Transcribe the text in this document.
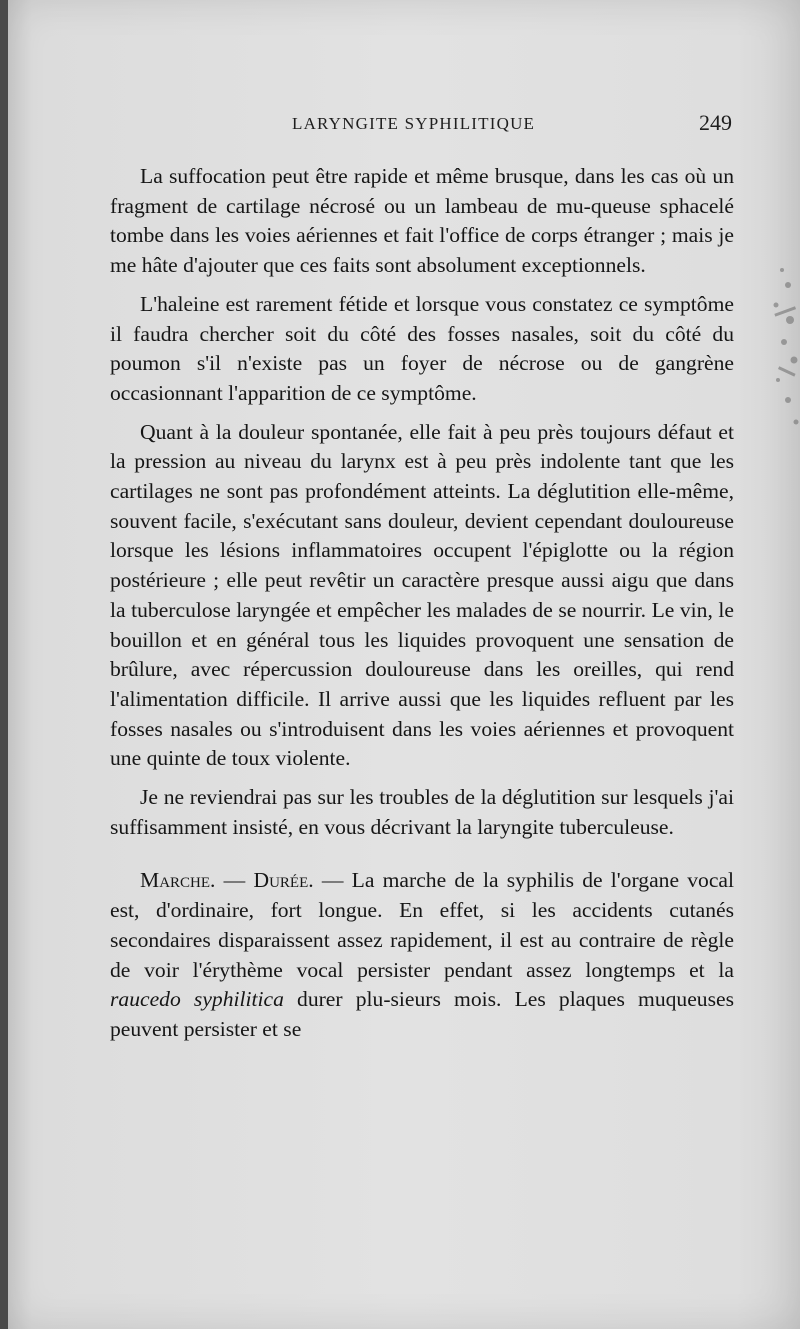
LARYNGITE SYPHILITIQUE	249

La suffocation peut être rapide et même brusque, dans les cas où un fragment de cartilage nécrosé ou un lambeau de mu-queuse sphacelé tombe dans les voies aériennes et fait l'office de corps étranger ; mais je me hâte d'ajouter que ces faits sont absolument exceptionnels.

L'haleine est rarement fétide et lorsque vous constatez ce symptôme il faudra chercher soit du côté des fosses nasales, soit du côté du poumon s'il n'existe pas un foyer de nécrose ou de gangrène occasionnant l'apparition de ce symptôme.

Quant à la douleur spontanée, elle fait à peu près toujours défaut et la pression au niveau du larynx est à peu près indolente tant que les cartilages ne sont pas profondément atteints. La déglutition elle-même, souvent facile, s'exécutant sans douleur, devient cependant douloureuse lorsque les lésions inflammatoires occupent l'épiglotte ou la région postérieure ; elle peut revêtir un caractère presque aussi aigu que dans la tuberculose laryngée et empêcher les malades de se nourrir. Le vin, le bouillon et en général tous les liquides provoquent une sensation de brûlure, avec répercussion douloureuse dans les oreilles, qui rend l'alimentation difficile. Il arrive aussi que les liquides refluent par les fosses nasales ou s'introduisent dans les voies aériennes et provoquent une quinte de toux violente.

Je ne reviendrai pas sur les troubles de la déglutition sur lesquels j'ai suffisamment insisté, en vous décrivant la laryngite tuberculeuse.

Marche. — Durée. — La marche de la syphilis de l'organe vocal est, d'ordinaire, fort longue. En effet, si les accidents cutanés secondaires disparaissent assez rapidement, il est au contraire de règle de voir l'érythème vocal persister pendant assez longtemps et la raucedo syphilitica durer plu-sieurs mois. Les plaques muqueuses peuvent persister et se
